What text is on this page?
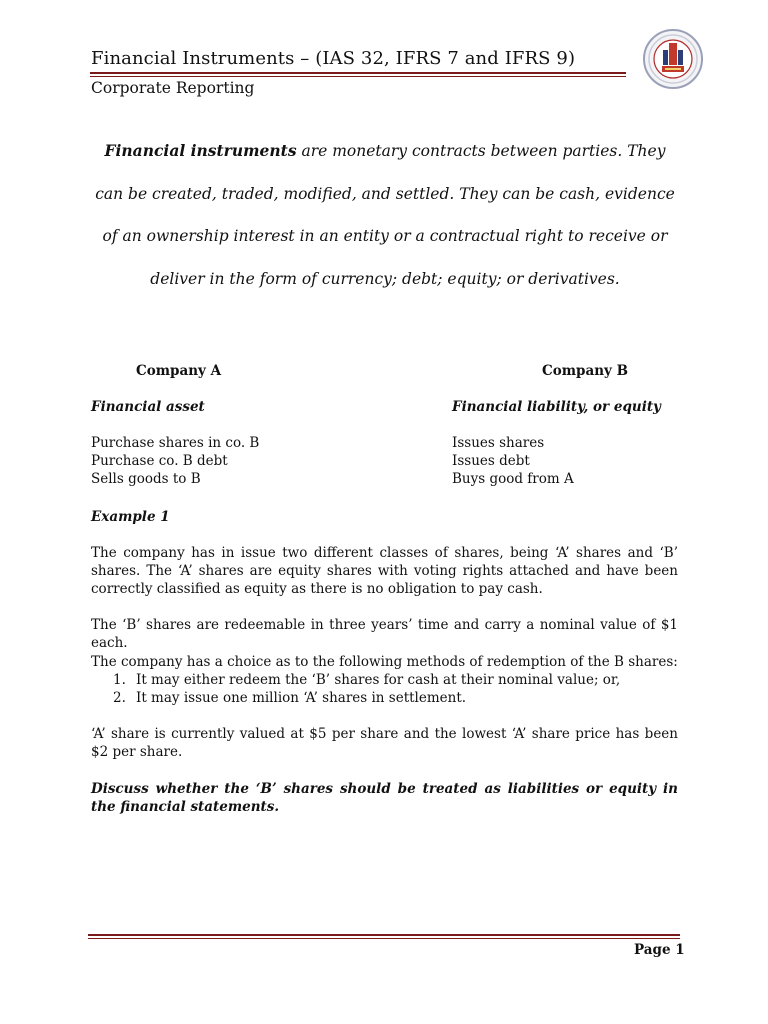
Financial Instruments – (IAS 32, IFRS 7 and IFRS 9)
Corporate Reporting
Financial instruments are monetary contracts between parties. They can be created, traded, modified, and settled. They can be cash, evidence of an ownership interest in an entity or a contractual right to receive or deliver in the form of currency; debt; equity; or derivatives.
Company A	Company B
Financial asset	Financial liability, or equity
Purchase shares in co. B
Purchase co. B debt
Sells goods to B
Issues shares
Issues debt
Buys good from A
Example 1
The company has in issue two different classes of shares, being ‘A’ shares and ‘B’ shares. The ‘A’ shares are equity shares with voting rights attached and have been correctly classified as equity as there is no obligation to pay cash.
The ‘B’ shares are redeemable in three years’ time and carry a nominal value of $1 each.
The company has a choice as to the following methods of redemption of the B shares:
1. It may either redeem the ‘B’ shares for cash at their nominal value; or,
2. It may issue one million ‘A’ shares in settlement.
‘A’ share is currently valued at $5 per share and the lowest ‘A’ share price has been $2 per share.
Discuss whether the ‘B’ shares should be treated as liabilities or equity in the financial statements.
Page 1
